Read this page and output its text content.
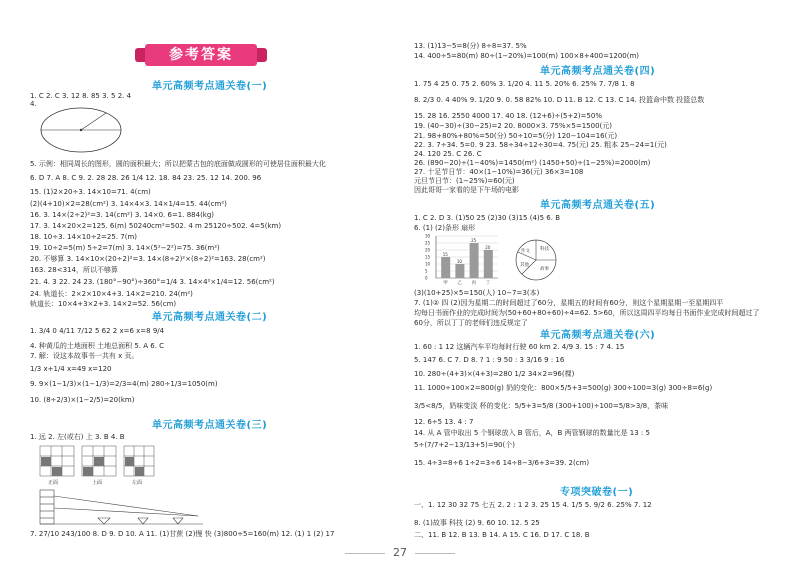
参考答案
单元高频考点通关卷(一)
1. C 2. C 3. 12 8. 85 3. 5 2. 4
4.
5. 示例：相同周长的图形，圆的面积最大；所以把蒙古包的底面做成圆形的可使居住面积最大化
6. D 7. A 8. C 9. 2. 28 28. 26 1/4 12. 18. 84 23. 25. 12 14. 200. 96
15. (1)2×20÷3. 14×10=71. 4(cm)
(2)(4+10)×2=28(cm²) 3. 14×4×3. 14×1/4=15. 44(cm²)
16. 3. 14×(2÷2)²=3. 14(cm²) 3. 14×0. 6=1. 884(kg)
17. 3. 14×20×2=125. 6(m) 50240cm²=502. 4 m 25120÷502. 4=5(km)
18. 10÷3. 14×10÷2=25. 7(m)
19. 10÷2=5(m) 5÷2=7(m) 3. 14×(5²−2²)=75. 36(m²)
20. 不够算 3. 14×10×(20÷2)²=3. 14×(8÷2)²×(8÷2)²=163. 28(cm²)
163. 28<314，所以不够算
21. 4. 3 22. 24 23. (180°−90°)÷360°=1/4 3. 14×4²×1/4=12. 56(cm²)
24. 轨道长：2×2×10×4+3. 14×2=210. 24(m²)
轨道长：10×4+3×2+3. 14×2=52. 56(cm)
单元高频考点通关卷(二)
单元高频考点通关卷(三)
正面	上面	左面
1. 3/4 0 4/11 7/12 5 62 2 x=6 x=8 9/4
4. 种黄瓜的土地面积 土地总面积 5. A 6. C
7. 解：设这本故事书一共有 x 页。
1/3 x+1/4 x=49 x=120
9. 9×(1−1/3)×(1−1/3)=2/3=4(m) 280÷1/3=1050(m)
10. (8÷2/3)×(1−2/5)=20(km)
1. 远 2. 左(或右) 上 3. B 4. B
7. 27/10 243/100 8. D 9. D 10. A 11. (1)甘蔗 (2)慢 快 (3)800÷5=160(m) 12. (1) 1 (2) 17
13. (1)13−5=8(分) 8÷8=37. 5%
14. 400÷5=80(m) 80÷(1−20%)=100(m) 100×8+400=1200(m)
单元高频考点通关卷(四)
1. 75 4 25 0. 75 2. 60% 3. 1/20 4. 11 5. 20% 6. 25% 7. 7/8 1. 8
8. 2/3 0. 4 40% 9. 1/20 9. 0. 58 82% 10. D 11. B 12. C 13. C 14. 投篮命中数 投篮总数
15. 28 16. 2550 4000 17. 40 18. (12+6)÷(5+2)=50%
19. (40−30)÷(30−25)=2 20. 8000×3. 75%×5=1500(元)
21. 98+80%+80%=50(分) 50÷10=5(分) 120−104=16(元)
22. 3. 7÷34. 5=0. 9 23. 58÷34÷12÷30=4. 75(元) 25. 粗本 25−24=1(元)
24. 120 25. C 26. C
26. (890−20)÷(1−40%)=1450(m²) (1450+50)÷(1−25%)=2000(m)
27. 十足节日节：40×(1−10%)=36(元) 36×3=108
元旦节日节：(1−25%)=60(元)
因此哥哥一家看的是下午场的电影
单元高频考点通关卷(五)
1. C 2. D 3. (1)50 25 (2)30 (3)15 (4)5 6. B
6. (1) (2)条形 扇形
(3)(10+25)×5=150(人) 10−7=3(本)
7. (1)② 四 (2)因为星期二的时间超过了60分，星期五的时间有60分，则这个星期星期一至星期四平
均每日书面作业的完成时间为(50+60+80+60)÷4=62. 5>60，所以这周四平均每日书面作业完成时间超过了
60分，所以丁丁的老师们违反规定了
30
25
20
15
10
5
0
15
甲
10
乙
25
丙
20
丁
科技
故事
其他
作文
单元高频考点通关卷(六)
1. 60 : 1 12 这辆汽车平均每时行驶 60 km 2. 4/9 3. 15 : 7 4. 15
5. 147 6. C 7. D 8. ? 1 : 9 50 : 3 3/16 9 : 16
10. 280÷(4+3)×(4+3)=280 1/2 34×2=96(棵)
11. 1000÷100×2=800(g) 奶的变化：800×5/5+3=500(g) 300÷100=3(g) 300÷8=6(g)
3/5<8/5，奶味变淡 杯的变化：5/5+3=5/8 (300+100)÷100=5/8>3/8，茶味
12. 6÷5 13. 4 : 7
14. 从 A 管中取出 5 个钢球放入 B 管后，A，B 两管钢球的数量比是 13 : 5
5÷(7/7+2−13/13+5)=90(个)
15. 4÷3=8÷6 1÷2=3÷6 14÷8−3/6+3=39. 2(cm)
专项突破卷(一)
一、1. 12 30 32 75 七五 2. 2 : 1 2 3. 25 15 4. 1/5 5. 9/2 6. 25% 7. 12
8. (1)故事 科技 (2) 9. 60 10. 12. 5 25
二、11. B 12. B 13. B 14. A 15. C 16. D 17. C 18. B
27
